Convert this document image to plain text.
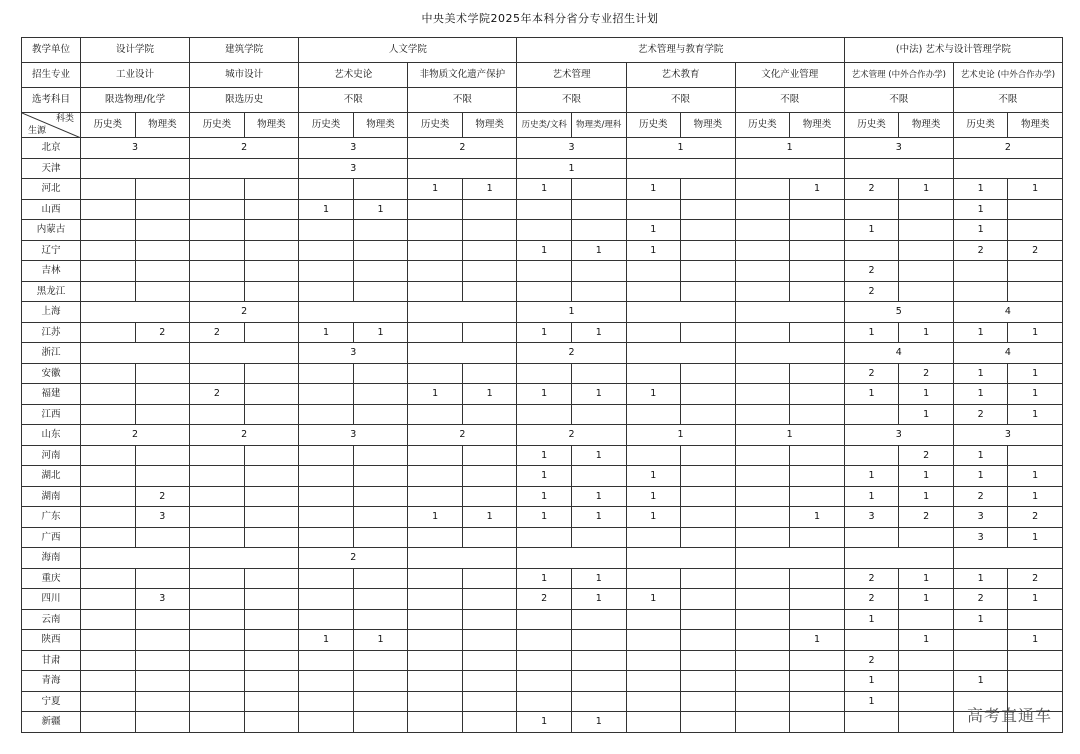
中央美术学院2025年本科分省分专业招生计划
教学单位	设计学院		建筑学院		人文学院				艺术管理与教育学院						(中法) 艺术与设计管理学院			
招生专业	工业设计		城市设计		艺术史论		非物质文化遗产保护		艺术管理		艺术教育		文化产业管理		艺术管理 (中外合作办学)		艺术史论 (中外合作办学)	
选考科目	限选物理/化学		限选历史		不限		不限		不限		不限		不限		不限		不限	

科类
生源	历史类	物理类	历史类	物理类	历史类	物理类	历史类	物理类	历史类/文科	物理类/理科	历史类	物理类	历史类	物理类	历史类	物理类	历史类	物理类
北京	3		2		3		2		3		1		1		3		2	
天津					3				1									
河北							1	1	1		1			1	2	1	1	1
山西					1	1											1	
内蒙古											1				1		1	
辽宁									1	1	1						2	2
吉林															2			
黑龙江															2			
上海			2						1						5		4	
江苏		2	2		1	1			1	1					1	1	1	1
浙江					3				2						4		4	
安徽															2	2	1	1
福建			2				1	1	1	1	1				1	1	1	1
江西																1	2	1
山东	2		2		3		2		2		1		1		3		3	
河南									1	1						2	1	
湖北									1		1				1	1	1	1
湖南		2							1	1	1				1	1	2	1
广东		3					1	1	1	1	1			1	3	2	3	2
广西																	3	1
海南					2													
重庆									1	1					2	1	1	2
四川		3							2	1	1				2	1	2	1
云南															1		1	
陕西					1	1								1		1		1
甘肃															2			
青海															1		1	
宁夏															1			
新疆									1	1									高考直通车
